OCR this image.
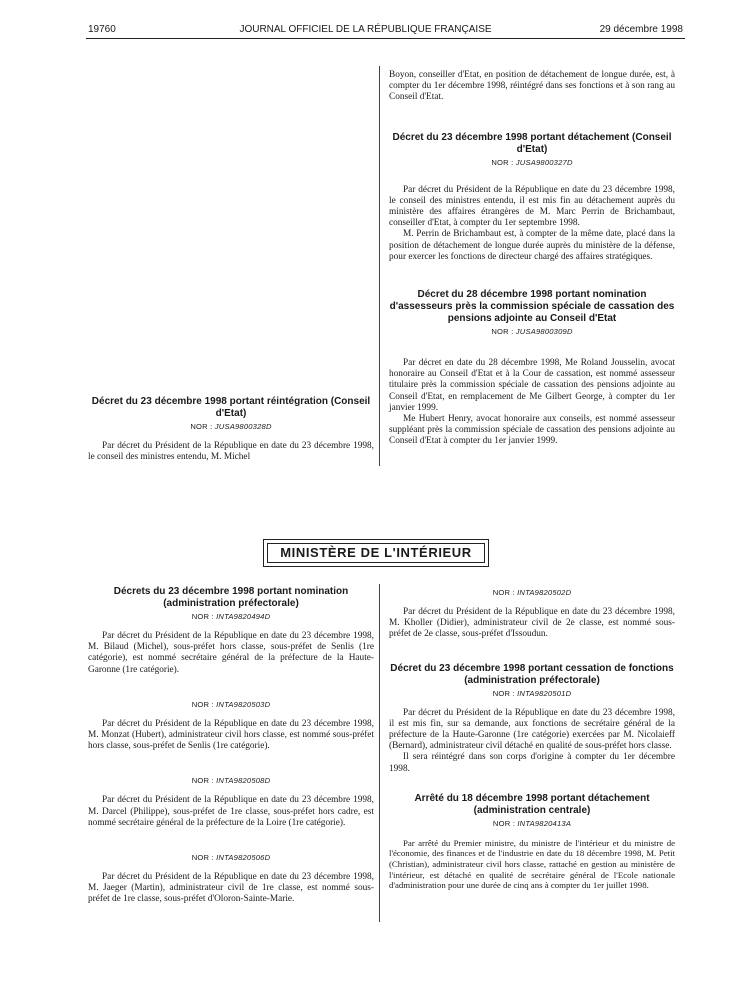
19760	JOURNAL OFFICIEL DE LA RÉPUBLIQUE FRANÇAISE	29 décembre 1998

Boyon, conseiller d'Etat, en position de détachement de longue durée, est, à compter du 1er décembre 1998, réintégré dans ses fonctions et à son rang au Conseil d'Etat.

Décret du 23 décembre 1998 portant détachement (Conseil d'Etat)

NOR : JUSA9800327D

Par décret du Président de la République en date du 23 décembre 1998, le conseil des ministres entendu, il est mis fin au détachement auprès du ministère des affaires étrangères de M. Marc Perrin de Brichambaut, conseiller d'Etat, à compter du 1er septembre 1998.

M. Perrin de Brichambaut est, à compter de la même date, placé dans la position de détachement de longue durée auprès du ministère de la défense, pour exercer les fonctions de directeur chargé des affaires stratégiques.

Décret du 28 décembre 1998 portant nomination d'assesseurs près la commission spéciale de cassation des pensions adjointe au Conseil d'Etat

NOR : JUSA9800309D

Par décret en date du 28 décembre 1998, Me Roland Jousselin, avocat honoraire au Conseil d'Etat et à la Cour de cassation, est nommé assesseur titulaire près la commission spéciale de cassation des pensions adjointe au Conseil d'Etat, en remplacement de Me Gilbert George, à compter du 1er janvier 1999.

Me Hubert Henry, avocat honoraire aux conseils, est nommé assesseur suppléant près la commission spéciale de cassation des pensions adjointe au Conseil d'Etat à compter du 1er janvier 1999.

Décret du 23 décembre 1998 portant réintégration (Conseil d'Etat)

NOR : JUSA9800328D

Par décret du Président de la République en date du 23 décembre 1998, le conseil des ministres entendu, M. Michel

MINISTÈRE DE L'INTÉRIEUR

Décrets du 23 décembre 1998 portant nomination (administration préfectorale)

NOR : INTA9820494D

Par décret du Président de la République en date du 23 décembre 1998, M. Bilaud (Michel), sous-préfet hors classe, sous-préfet de Senlis (1re catégorie), est nommé secrétaire général de la préfecture de la Haute-Garonne (1re catégorie).

NOR : INTA9820503D

Par décret du Président de la République en date du 23 décembre 1998, M. Monzat (Hubert), administrateur civil hors classe, est nommé sous-préfet hors classe, sous-préfet de Senlis (1re catégorie).

NOR : INTA9820508D

Par décret du Président de la République en date du 23 décembre 1998, M. Darcel (Philippe), sous-préfet de 1re classe, sous-préfet hors cadre, est nommé secrétaire général de la préfecture de la Loire (1re catégorie).

NOR : INTA9820506D

Par décret du Président de la République en date du 23 décembre 1998, M. Jaeger (Martin), administrateur civil de 1re classe, est nommé sous-préfet de 1re classe, sous-préfet d'Oloron-Sainte-Marie.

NOR : INTA9820502D

Par décret du Président de la République en date du 23 décembre 1998, M. Kholler (Didier), administrateur civil de 2e classe, est nommé sous-préfet de 2e classe, sous-préfet d'Issoudun.

Décret du 23 décembre 1998 portant cessation de fonctions (administration préfectorale)

NOR : INTA9820501D

Par décret du Président de la République en date du 23 décembre 1998, il est mis fin, sur sa demande, aux fonctions de secrétaire général de la préfecture de la Haute-Garonne (1re catégorie) exercées par M. Nicolaieff (Bernard), administrateur civil détaché en qualité de sous-préfet hors classe.

Il sera réintégré dans son corps d'origine à compter du 1er décembre 1998.

Arrêté du 18 décembre 1998 portant détachement (administration centrale)

NOR : INTA9820413A

Par arrêté du Premier ministre, du ministre de l'intérieur et du ministre de l'économie, des finances et de l'industrie en date du 18 décembre 1998, M. Petit (Christian), administrateur civil hors classe, rattaché en gestion au ministère de l'intérieur, est détaché en qualité de secrétaire général de l'Ecole nationale d'administration pour une durée de cinq ans à compter du 1er juillet 1998.
